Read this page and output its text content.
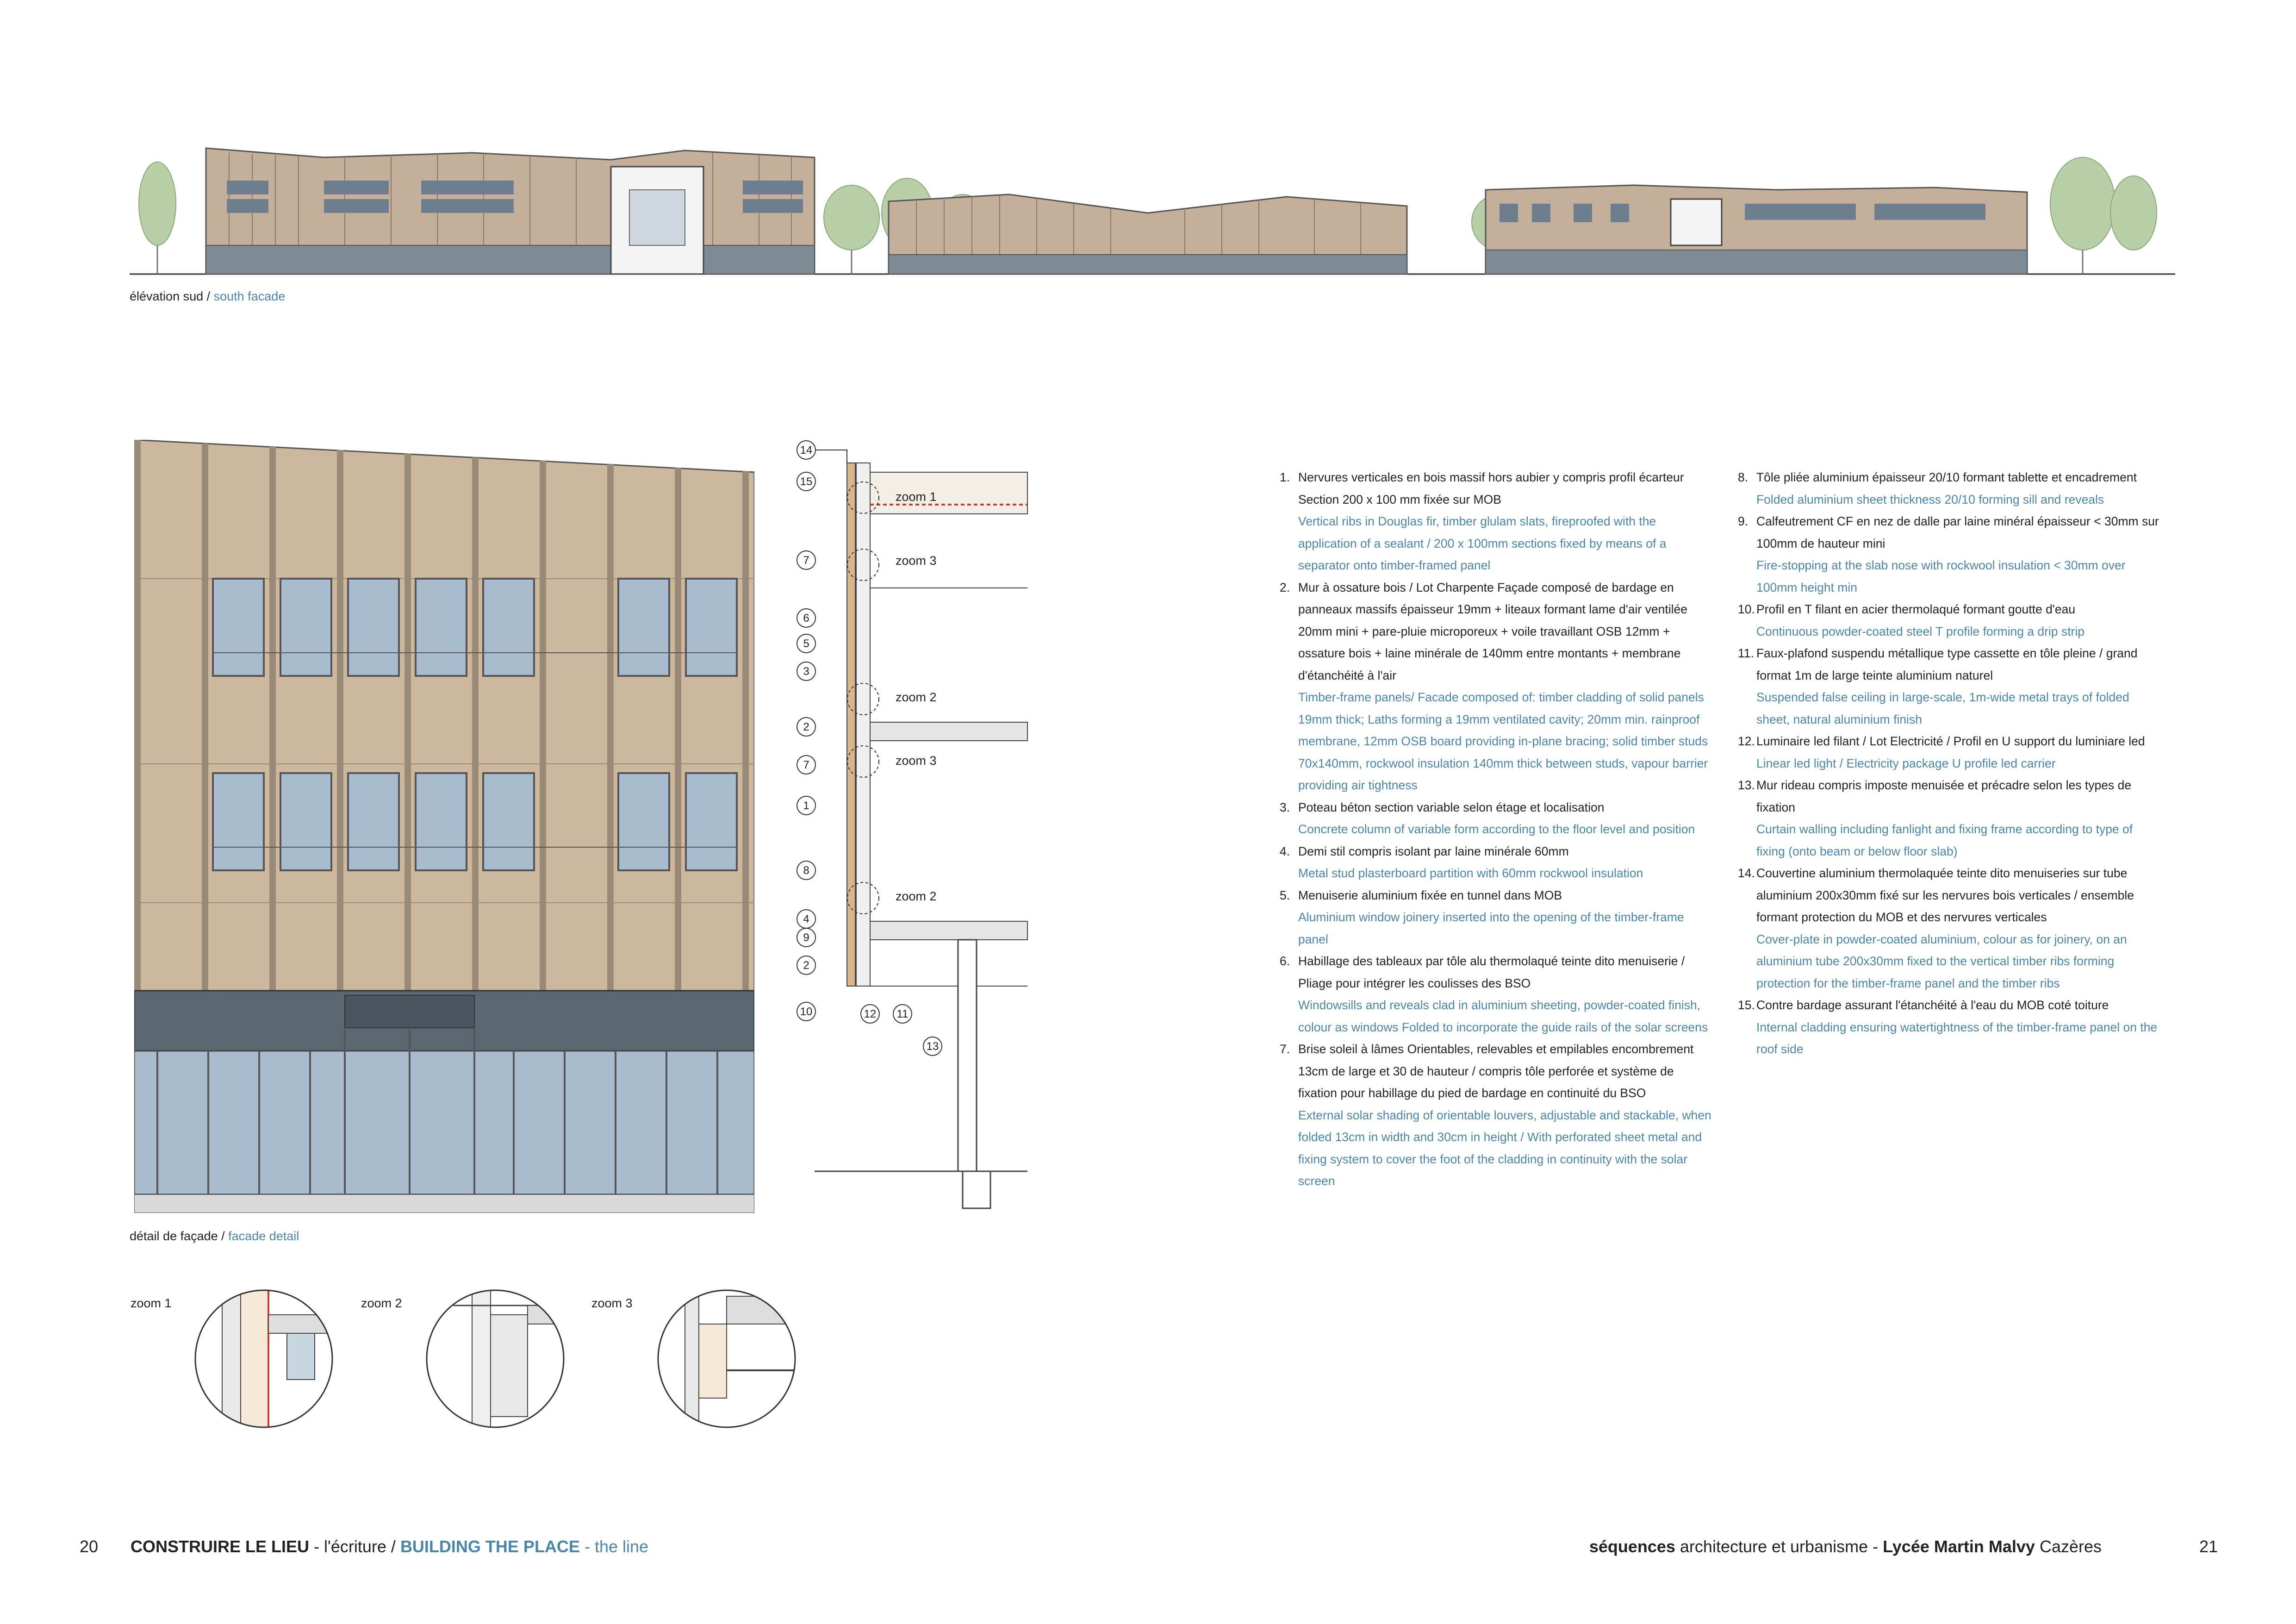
élévation sud / south facade
détail de façade / facade detail
14
15
7
6
5
3
2
7
1
8
4
9
2
10	12 11
13
zoom 1
zoom 3
zoom 2
zoom 3
zoom 2
zoom 1	zoom 2	zoom 3
1. Nervures verticales en bois massif hors aubier y compris profil écarteur Section 200 x 100 mm fixée sur MOB
Vertical ribs in Douglas fir, timber glulam slats, fireproofed with the application of a sealant / 200 x 100mm sections fixed by means of a separator onto timber-framed panel
2. Mur à ossature bois / Lot Charpente Façade composé de bardage en panneaux massifs épaisseur 19mm + liteaux formant lame d'air ventilée 20mm mini + pare-pluie microporeux + voile travaillant OSB 12mm + ossature bois + laine minérale de 140mm entre montants + membrane d'étanchéité à l'air
Timber-frame panels/ Facade composed of: timber cladding of solid panels 19mm thick; Laths forming a 19mm ventilated cavity; 20mm min. rainproof membrane, 12mm OSB board providing in-plane bracing; solid timber studs 70x140mm, rockwool insulation 140mm thick between studs, vapour barrier providing air tightness
3. Poteau béton section variable selon étage et localisation
Concrete column of variable form according to the floor level and position
4. Demi stil compris isolant par laine minérale 60mm
Metal stud plasterboard partition with 60mm rockwool insulation
5. Menuiserie aluminium fixée en tunnel dans MOB
Aluminium window joinery inserted into the opening of the timber-frame panel
6. Habillage des tableaux par tôle alu thermolaqué teinte dito menuiserie / Pliage pour intégrer les coulisses des BSO
Windowsills and reveals clad in aluminium sheeting, powder-coated finish, colour as windows Folded to incorporate the guide rails of the solar screens
7. Brise soleil à lâmes Orientables, relevables et empilables encombrement 13cm de large et 30 de hauteur / compris tôle perforée et système de fixation pour habillage du pied de bardage en continuité du BSO
External solar shading of orientable louvers, adjustable and stackable, when folded 13cm in width and 30cm in height / With perforated sheet metal and fixing system to cover the foot of the cladding in continuity with the solar screen
8. Tôle pliée aluminium épaisseur 20/10 formant tablette et encadrement
Folded aluminium sheet thickness 20/10 forming sill and reveals
9. Calfeutrement CF en nez de dalle par laine minéral épaisseur < 30mm sur 100mm de hauteur mini
Fire-stopping at the slab nose with rockwool insulation < 30mm over 100mm height min
10. Profil en T filant en acier thermolaqué formant goutte d'eau
Continuous powder-coated steel T profile forming a drip strip
11. Faux-plafond suspendu métallique type cassette en tôle pleine / grand format 1m de large teinte aluminium naturel
Suspended false ceiling in large-scale, 1m-wide metal trays of folded sheet, natural aluminium finish
12. Luminaire led filant / Lot Electricité / Profil en U support du luminiare led
Linear led light / Electricity package U profile led carrier
13. Mur rideau compris imposte menuisée et précadre selon les types de fixation
Curtain walling including fanlight and fixing frame according to type of fixing (onto beam or below floor slab)
14. Couvertine aluminium thermolaquée teinte dito menuiseries sur tube aluminium 200x30mm fixé sur les nervures bois verticales / ensemble formant protection du MOB et des nervures verticales
Cover-plate in powder-coated aluminium, colour as for joinery, on an aluminium tube 200x30mm fixed to the vertical timber ribs forming protection for the timber-frame panel and the timber ribs
15. Contre bardage assurant l'étanchéité à l'eau du MOB coté toiture
Internal cladding ensuring watertightness of the timber-frame panel on the roof side
20 CONSTRUIRE LE LIEU - l'écriture / BUILDING THE PLACE - the line	séquences architecture et urbanisme - Lycée Martin Malvy Cazères	21
